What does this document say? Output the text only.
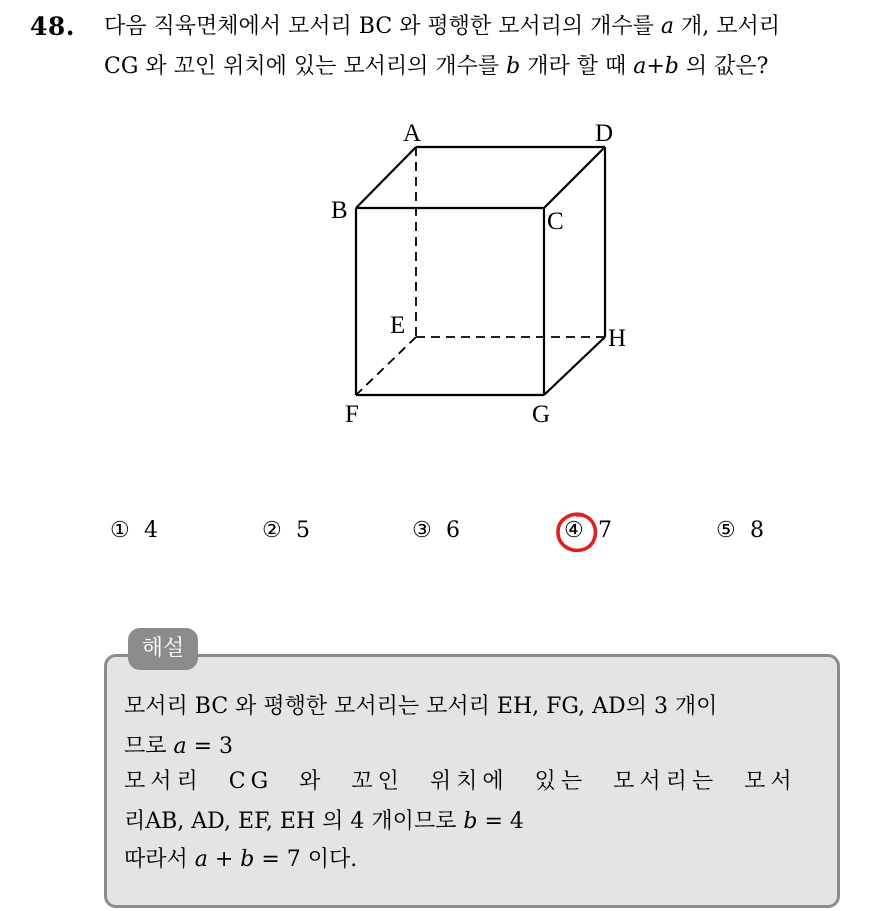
48. 다음 직육면체에서 모서리 BC 와 평행한 모서리의 개수를 a 개, 모서리
CG 와 꼬인 위치에 있는 모서리의 개수를 b 개라 할 때 a+b 의 값은?
A	D
B	C
E	H
F	G
① 4	② 5	③ 6	④ 7	⑤ 8
해설
모서리 BC 와 평행한 모서리는 모서리 EH, FG, AD의 3 개이
므로 a = 3
모서리 CG 와 꼬인 위치에 있는 모서리는 모서
리AB, AD, EF, EH 의 4 개이므로 b = 4
따라서 a + b = 7 이다.
